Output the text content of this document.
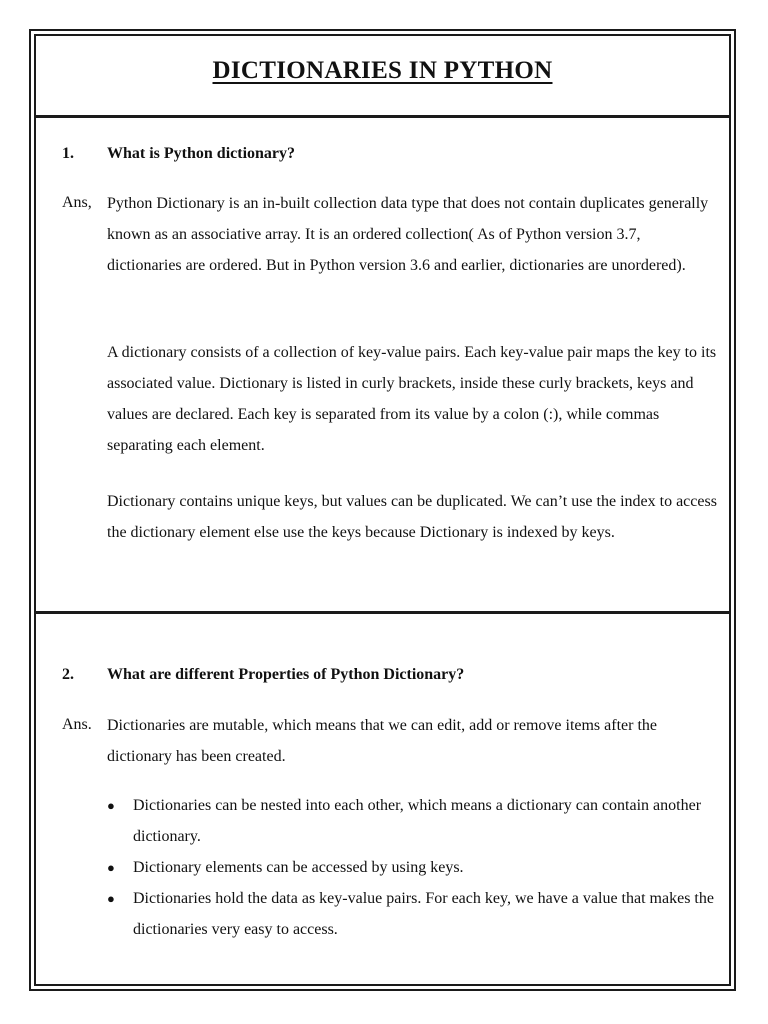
DICTIONARIES IN PYTHON
1. What is Python dictionary?
Ans, Python Dictionary is an in-built collection data type that does not contain duplicates generally known as an associative array. It is an ordered collection( As of Python version 3.7, dictionaries are ordered. But in Python version 3.6 and earlier, dictionaries are unordered).

A dictionary consists of a collection of key-value pairs. Each key-value pair maps the key to its associated value. Dictionary is listed in curly brackets, inside these curly brackets, keys and values are declared. Each key is separated from its value by a colon (:), while commas separating each element.

Dictionary contains unique keys, but values can be duplicated. We can’t use the index to access the dictionary element else use the keys because Dictionary is indexed by keys.

2. What are different Properties of Python Dictionary?
Ans. Dictionaries are mutable, which means that we can edit, add or remove items after the dictionary has been created.

● Dictionaries can be nested into each other, which means a dictionary can contain another dictionary.
● Dictionary elements can be accessed by using keys.
● Dictionaries hold the data as key-value pairs. For each key, we have a value that makes the dictionaries very easy to access.
